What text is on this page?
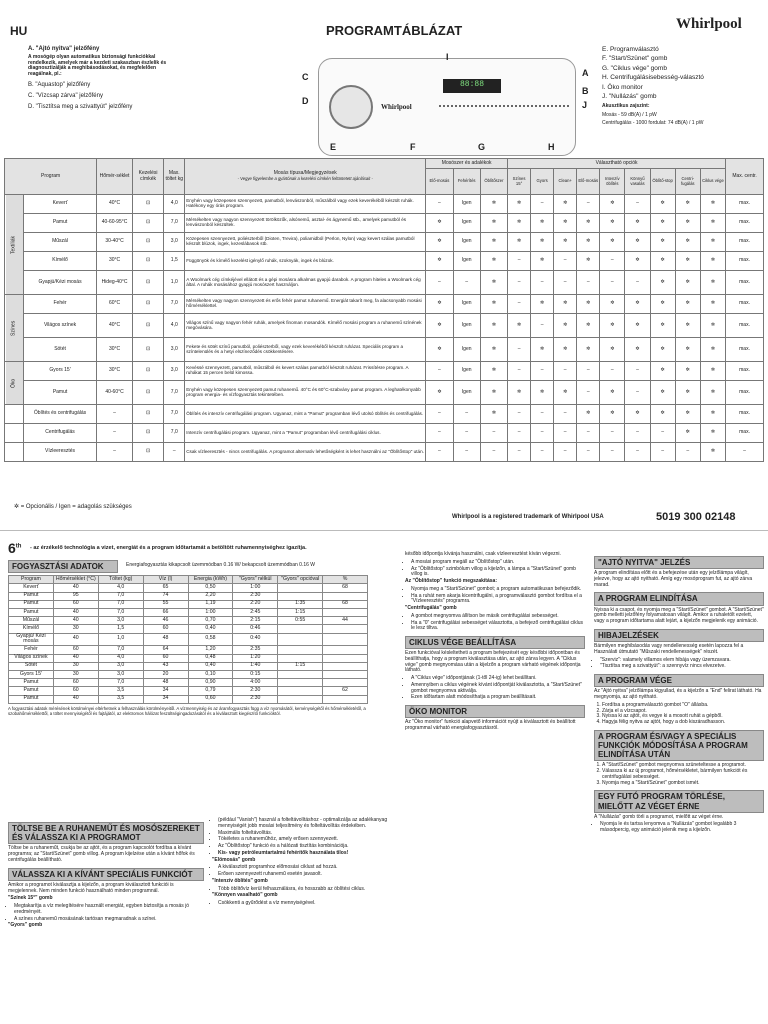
HU	PROGRAMTÁBLÁZAT	Whirlpool
A. "Ajtó nyitva" jelzőfény
A mosógép olyan automatikus biztonsági funkciókkal rendelkezik, amelyek már a kezdeti szakaszban észlelik és diagnosztizálják a meghibásodásokat, és megfelelően reagálnak, pl.:
B. "Aquastop" jelzőfény
C. "Vízcsap zárva" jelzőfény
D. "Tisztítsa meg a szivattyút" jelzőfény	Whirlpool
88:88
C
D
B
E	F	G	H
I
A
J
E. Programválasztó
F. "Start/Szünet" gomb
G. "Ciklus vége" gomb
H. Centrifugálásisebesség-választó
I. Öko monitor
J. "Nullázás" gomb
Akusztikus zajszint:
Mosás - 59 dB(A) / 1 pW
Centrifugálás - 1000 fordulat: 74 dB(A) / 1 pW
Program		Hőmér-séklet	Kezelési címkék	Max. töltet kg	Mosás típusa/Megjegyzések
- Vegye figyelembe a gyártónak a kezelési címkén feltüntetett ajánlásait -	Mosószer és adalékok			Választható opciók									Max. centr.
						Elő-mosás	Fehérítés	Öblítőszer	Színes 15°	Gyors	Clean+	Elő-mosás	Intenzív öblítés	Könnyű vasalás	Öblítő-stop	Centri-fugálás	Ciklus vége	
Textíliák	Keverť	40°C	⊡	4,0	Enyhén vagy közepesen szennyezett, pamutból, lenvászonból, műszálból vagy ezek keverékéből készült ruhák. Hatékony egy órás program.	–	Igen	✲	✲	–	✲	–	✲	–	✲	✲	✲	max.
	Pamut	40-60-95°C	⊡	7,0	Mérsékelten vagy nagyon szennyezett törölközők, alsónemű, asztal- és ágynemű stb., amelyek pamutból és lenvászonból készültek.	✲	Igen	✲	✲	✲	✲	✲	✲	✲	✲	✲	✲	max.
	Műszál	30-40°C	⊡	3,0	Közepesen szennyezett, poliészterből (Dioten, Trevira), poliamidból (Perlon, Nylon) vagy kevert szálas pamutból készült blúzok, ingek, kezeslábasok stb.	✲	Igen	✲	✲	✲	✲	✲	✲	✲	✲	✲	✲	max.
	Kímélő	30°C	⊡	1,5	Függönyök és kímélő kezelést igénylő ruhák, szoknyák, ingek és blúzok.	✲	Igen	✲	–	✲	–	✲	–	✲	✲	✲	✲	max.
	Gyapjú/Kézi mosás	Hideg-40°C	⊡	1,0	A Woolmark cég címkéjével ellátott és a gépi mosásra alkalmas gyapjú darabok. A program hiteles a Woolmark cég által. A ruhák mosásához gyapjú mosószert használjon.	–	–	✲	–	–	–	–	–	–	✲	✲	✲	max.
Színes	Fehér	60°C	⊡	7,0	Mérsékelten vagy nagyon szennyezett és erős fehér pamut ruhanemű. Energiát takarít meg, fa alacsonyabb mosási hőmérséklettel.	✲	Igen	✲	–	✲	✲	✲	✲	✲	✲	✲	✲	max.
	Világos színek	40°C	⊡	4,0	Világos színű vagy nagyon fehér ruhák, amelyek finoman mosandók. Kímélő mosási program a ruhanemű színének megóvására.	✲	Igen	✲	✲	–	✲	✲	✲	✲	✲	✲	✲	max.
	Sötét	30°C	⊡	3,0	Fekete és sötét színű pamutból, poliészterből, vagy ezek keverékéből készült ruházat. Speciális program a színtelenülés és a hetyi elszíneződés csökkentésére.	✲	Igen	✲	–	✲	✲	✲	✲	✲	✲	✲	✲	max.
Öko	Gyors 15'	30°C	⊡	3,0	Kevéssé szennyezett, pamutból, műszálból és kevert szálas pamutból készült ruházat. Frissítésre program. A ruhákat 15 percen belül kimossa.	–	Igen	✲	–	–	–	–	–	–	✲	✲	✲	max.
	Pamut	40-60°C	⊡	7,0	Enyhén vagy közepesen szennyezett pamut ruhanemű. 40°C és 60°C-szabvány pamut program. A leghatékonyabb program energia- és vízfogyasztás tekintetében.	✲	Igen	✲	✲	✲	✲	–	✲	–	✲	✲	✲	max.
	Öblítés és centrifugálás	–	⊡	7,0	Öblítés és intenzív centrifugálási program. Ugyanaz, mint a "Pamut" programban lévő utolsó öblítés és centrifugálás.	–	–	✲	–	–	–	✲	✲	✲	✲	✲	✲	max.
	Centrifugálás	–	⊡	7,0	Intenzív centrifugálási program. Ugyanaz, mint a "Pamut" programban lévő centrifugálási ciklus.	–	–	–	–	–	–	–	–	–	–	✲	✲	max.
	Vízleeresztés	–	⊡	–	Csak vízleeresztés - nincs centrifugálás. A programot alternatív lehetőségként is lehet használni az "Öblítőstop" után.	–	–	–	–	–	–	–	–	–	–	–	✲	–
✲ = Opcionális / Igen = adagolás szükséges
Whirlpool is a registered trademark of Whirlpool USA	5019 300 02148
6th - az érzékelő technológia a vizet, energiát és a program időtartamát a betöltött ruhamennyiséghez igazítja.
FOGYASZTÁSI ADATOK	Energiafogyasztás kikapcsolt üzemmódban 0.16 W/ bekapcsolt üzemmódban 0.16 W
Program	Hőmérséklet (°C)	Töltet (kg)	Víz (l)	Energia (kWh)	"Gyors" nélkül	"Gyors" opcióval	%
Keverť	40	4,0	65	0,50	1:00		68
Pamut	95	7,0	74	2,20	2:30		
Pamut	60	7,0	55	1,19	2:20	1:35	68
Pamut	40	7,0	66	1:00	2:45	1:15	
Műszál	40	3,0	46	0,70	2:15	0:55	44
Kímélő	30	1,5	60	0,40	0:46		
Gyapjú/ Kézi mosás	40	1,0	48	0,58	0:40		
Fehér	60	7,0	64	1,20	2:35		
Világos színek	40	4,0	60	0,48	1:20		
Sötét	30	3,0	43	0,40	1:40	1:15	
Gyors 15'	30	3,0	20	0,10	0:15		
Pamut	60	7,0	48	0,90	4:00		
Pamut	60	3,5	34	0,79	2:30		62
Pamut	40	3,5	34	0,60	2:30		
A fogyasztási adatok mérésének körülményei eltérhetnek a felhasználás körülményeitől. A vízmennyiség és az áramfogyasztás függ a víz nyomásától, keménységétől és hőmérsékletétől, a szobahőmérséklettől, a töltet mennyiségétől és fajtájától, az elektromos hálózat feszültségingadozásától és a kiválasztott kiegészítő funkcióktól.
TÖLTSE BE A RUHANEMŰT ÉS MOSÓSZEREKET ÉS VÁLASSZA KI A PROGRAMOT
Töltse be a ruhaneműt, csukja be az ajtót, és a program kapcsolót fordítsa a kívánt programra; az "Start/Szünet" gomb villog. A program kijelzése után a kívánt hőfok és centrifugálás beállítható.
VÁLASSZA KI A KÍVÁNT SPECIÁLIS FUNKCIÓT
Amikor a programot kiválasztja a kijelzőn, a program kiválasztott funkciói is megjelennek. Nem minden funkció használható minden programnál.
"Színek 15°" gomb
• Megtakarítja a víz melegítésére használt energiát, egyben biztosítja a mosás jó eredményét.
• A színes ruhanemű mosásának tartósan megmaradnak a színei.
"Gyors" gomb
• (például "Vanish") használ a folteltávolításhoz - optimalizálja az adalékanyag mennyiségét jobb mosási teljesítmény és folteltávolítás érdekében.
• Maximális folteltávolítás.
• Tökéletes a ruhaneműhöz, amely erősen szennyezett.
• Az "Öblítőstop" funkció és a hálózati tisztítás kombinációja.
• Kis- vagy petróleumtartalmú fehérítők használata tilos!
"Elömosás" gomb
• A kiválasztott programhoz előmosási ciklust ad hozzá.
• Erősen szennyezett ruhanemű esetén javasolt.
"Intenzív öblítés" gomb
• Több öblítővíz kerül felhasználásra, és hosszabb az öblítési ciklus.
"Könnyen vasalható" gomb
• Csökkenti a gyűrődést a víz mennyiségével.
később időpontja kívánja használni, csak vízleeresztést kíván végezni.
• A mosási program megáll az "Öblítőstop" után.
• Az "Öblítőstop" szimbólum villog a kijelzőn, a lámpa a "Start/Szünet" gomb villog is.
Az "Öblítőstop" funkció megszakítása:
• Nyomja meg a "Start/Szünet" gombot; a program automatikusan befejeződik.
• Ha a ruhát nem akarja kicentrifugálni, a programválasztó gombot fordítsa el a "Vízleeresztés" programra.
"Centrifugálás" gomb
• A gombot megnyomva állítson be másik centrifugálási sebességet.
• Ha a "0" centrifugálási sebességet választotta, a befejező centrifugálási ciklus le lesz tiltva.
CIKLUS VÉGE BEÁLLÍTÁSA
Ezen funkcióval késleltetheti a program befejezését egy későbbi időpontban és beállíthatja, hogy a program kiválasztása után, az ajtó zárva legyen. A "Ciklus vége" gomb megnyomása után a kijelzőn a program várható végének időpontja látható.
• A "Ciklus vége" időpontjának (1-től 24-ig) lehet beállítani.
• Amennyiben a ciklus végének kívánt időpontját kiválasztotta, a "Start/Szünet" gombot megnyomva aktiválja.
• Ezen időtartam alatt módosíthatja a program beállításait.
ÖKO MONITOR
Az "Öko monitor" funkció alapvető információt nyújt a kiválasztott és beállított programmal várható energiafogyasztásról.
"AJTÓ NYITVA" JELZÉS
A program elindítása előtt és a befejezése után egy jelzőlámpa világít, jelezve, hogy az ajtó nyitható. Amíg egy mosóprogram fut, az ajtó zárva marad.
A PROGRAM ELINDÍTÁSA
Nyissa ki a csapot, és nyomja meg a "Start/Szünet" gombot. A "Start/Szünet" gomb melletti jelzőfény folyamatosan világít. Amikor a ruhaletölt ezelett, vagy a program időtartama alatt lejárt, a kijelzőn megjelenik egy animáció.
HIBAJELZÉSEK
Bármilyen meghibásodás vagy rendellenesség esetén lapozza fel a Használati útmutató "Műszaki rendellenességek" részét.
• "Szerviz": valamely villamos elem hibája vagy üzemzavara.
• "Tisztítsa meg a szivattyút": a szennyvíz nincs elvezetve.
A PROGRAM VÉGE
Az "Ajtó nyitva" jelzőlámpa kigyullad, és a kijelzőn a "End" felirat látható. Ha megnyomja, az ajtó nyitható.
1. Fordítsa a programválasztó gombot "O" állásba.
2. Zárja el a vízcsapot.
3. Nyissa ki az ajtót, és vegye ki a mosott ruhát a gépből.
4. Hagyja félig nyitva az ajtót, hogy a dob kiszáradhasson.
A PROGRAM ÉS/VAGY A SPECIÁLIS FUNKCIÓK MÓDOSÍTÁSA A PROGRAM ELINDÍTÁSA UTÁN
1. A "Start/Szünet" gombot megnyomva szüneteltesse a programot.
2. Válassza ki az új programot, hőmérsékletet, bármilyen funkciót és centrifugálási sebességet.
3. Nyomja meg a "Start/Szünet" gombot ismét.
EGY FUTÓ PROGRAM TÖRLÉSE, MIELŐTT AZ VÉGET ÉRNE
A "Nullázás" gomb törli a programot, mielőtt az véget érne.
• Nyomja le és tartsa lenyomva a "Nullázás" gombot legalább 3 másodpercig, egy animáció jelenik meg a kijelzőn.
